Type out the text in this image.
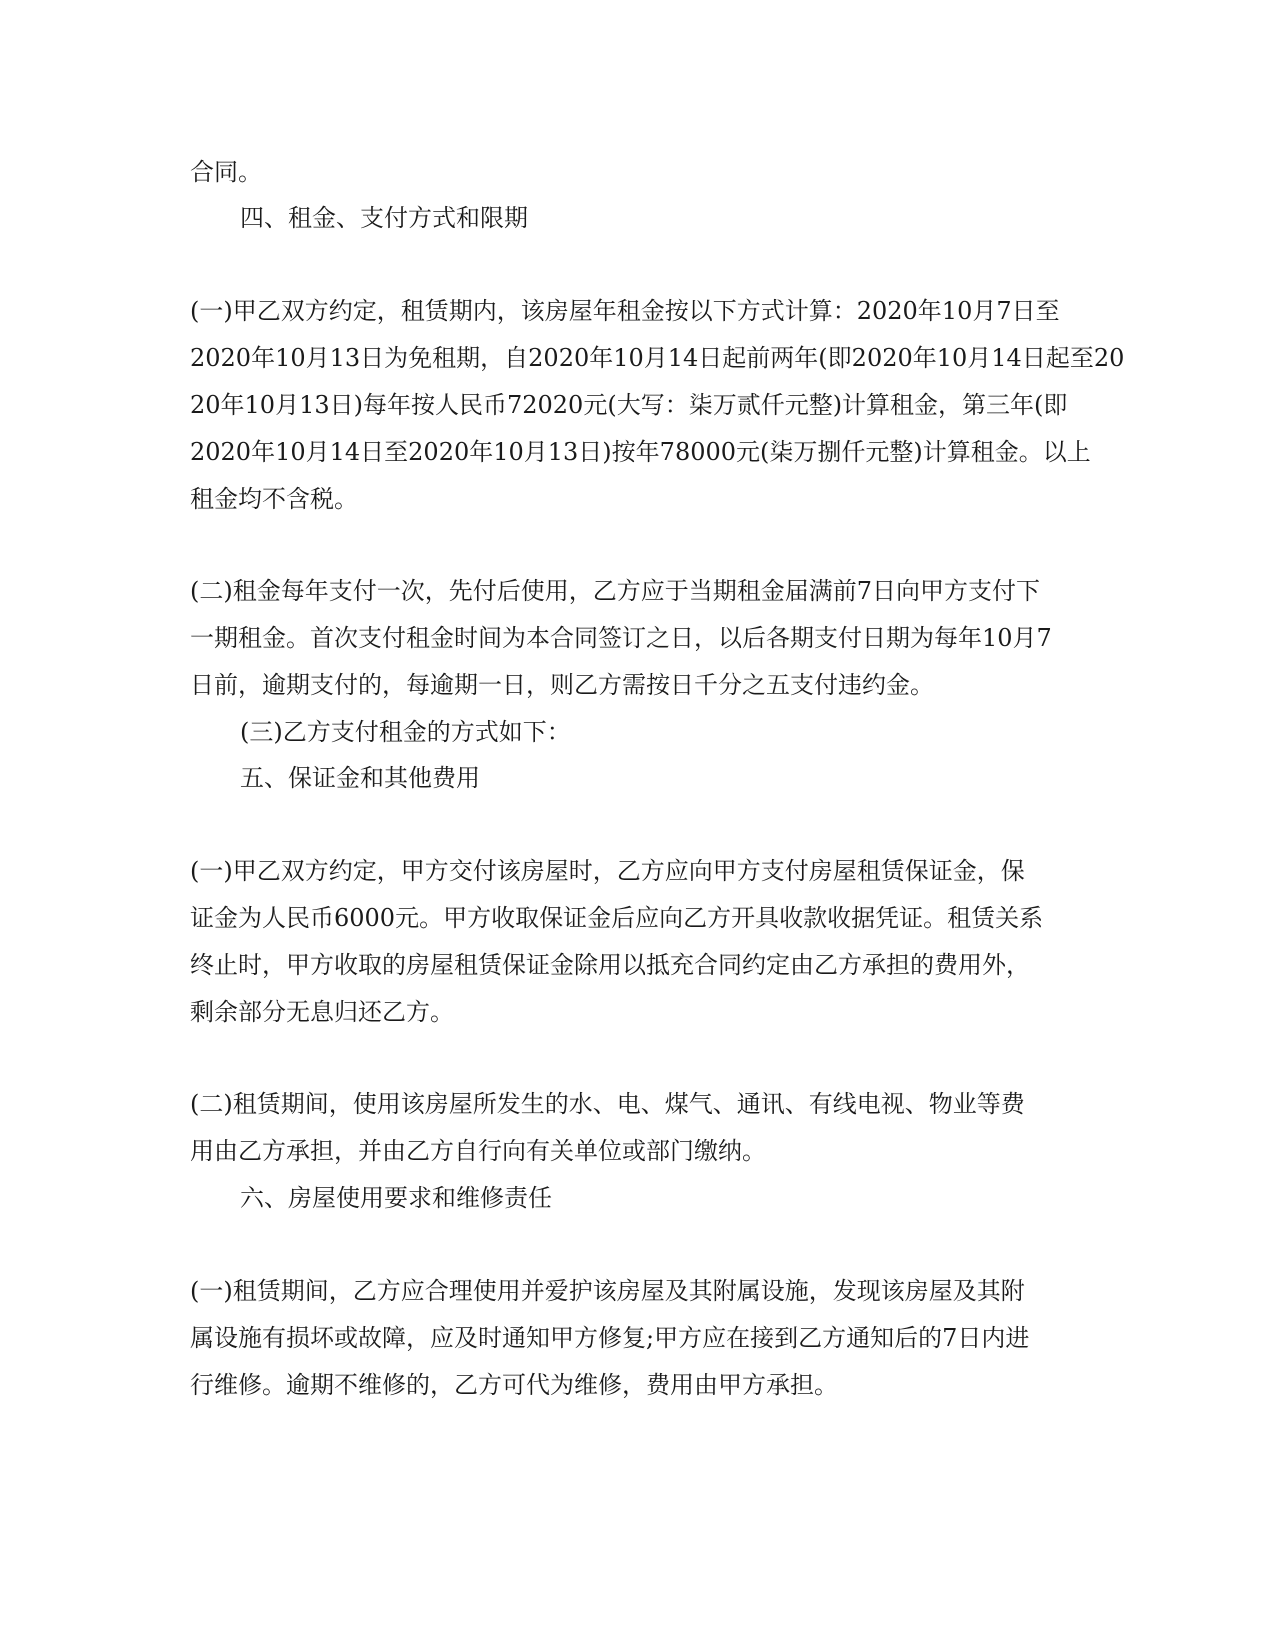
合同。
四、租金、支付方式和限期
(一)甲乙双方约定，租赁期内，该房屋年租金按以下方式计算：2020年10月7日至
2020年10月13日为免租期，自2020年10月14日起前两年(即2020年10月14日起至20
20年10月13日)每年按人民币72020元(大写：柒万贰仟元整)计算租金，第三年(即
2020年10月14日至2020年10月13日)按年78000元(柒万捌仟元整)计算租金。以上
租金均不含税。
(二)租金每年支付一次，先付后使用，乙方应于当期租金届满前7日向甲方支付下
一期租金。首次支付租金时间为本合同签订之日，以后各期支付日期为每年10月7
日前，逾期支付的，每逾期一日，则乙方需按日千分之五支付违约金。
(三)乙方支付租金的方式如下：
五、保证金和其他费用
(一)甲乙双方约定，甲方交付该房屋时，乙方应向甲方支付房屋租赁保证金，保
证金为人民币6000元。甲方收取保证金后应向乙方开具收款收据凭证。租赁关系
终止时，甲方收取的房屋租赁保证金除用以抵充合同约定由乙方承担的费用外，
剩余部分无息归还乙方。
(二)租赁期间，使用该房屋所发生的水、电、煤气、通讯、有线电视、物业等费
用由乙方承担，并由乙方自行向有关单位或部门缴纳。
六、房屋使用要求和维修责任
(一)租赁期间，乙方应合理使用并爱护该房屋及其附属设施，发现该房屋及其附
属设施有损坏或故障，应及时通知甲方修复;甲方应在接到乙方通知后的7日内进
行维修。逾期不维修的，乙方可代为维修，费用由甲方承担。
